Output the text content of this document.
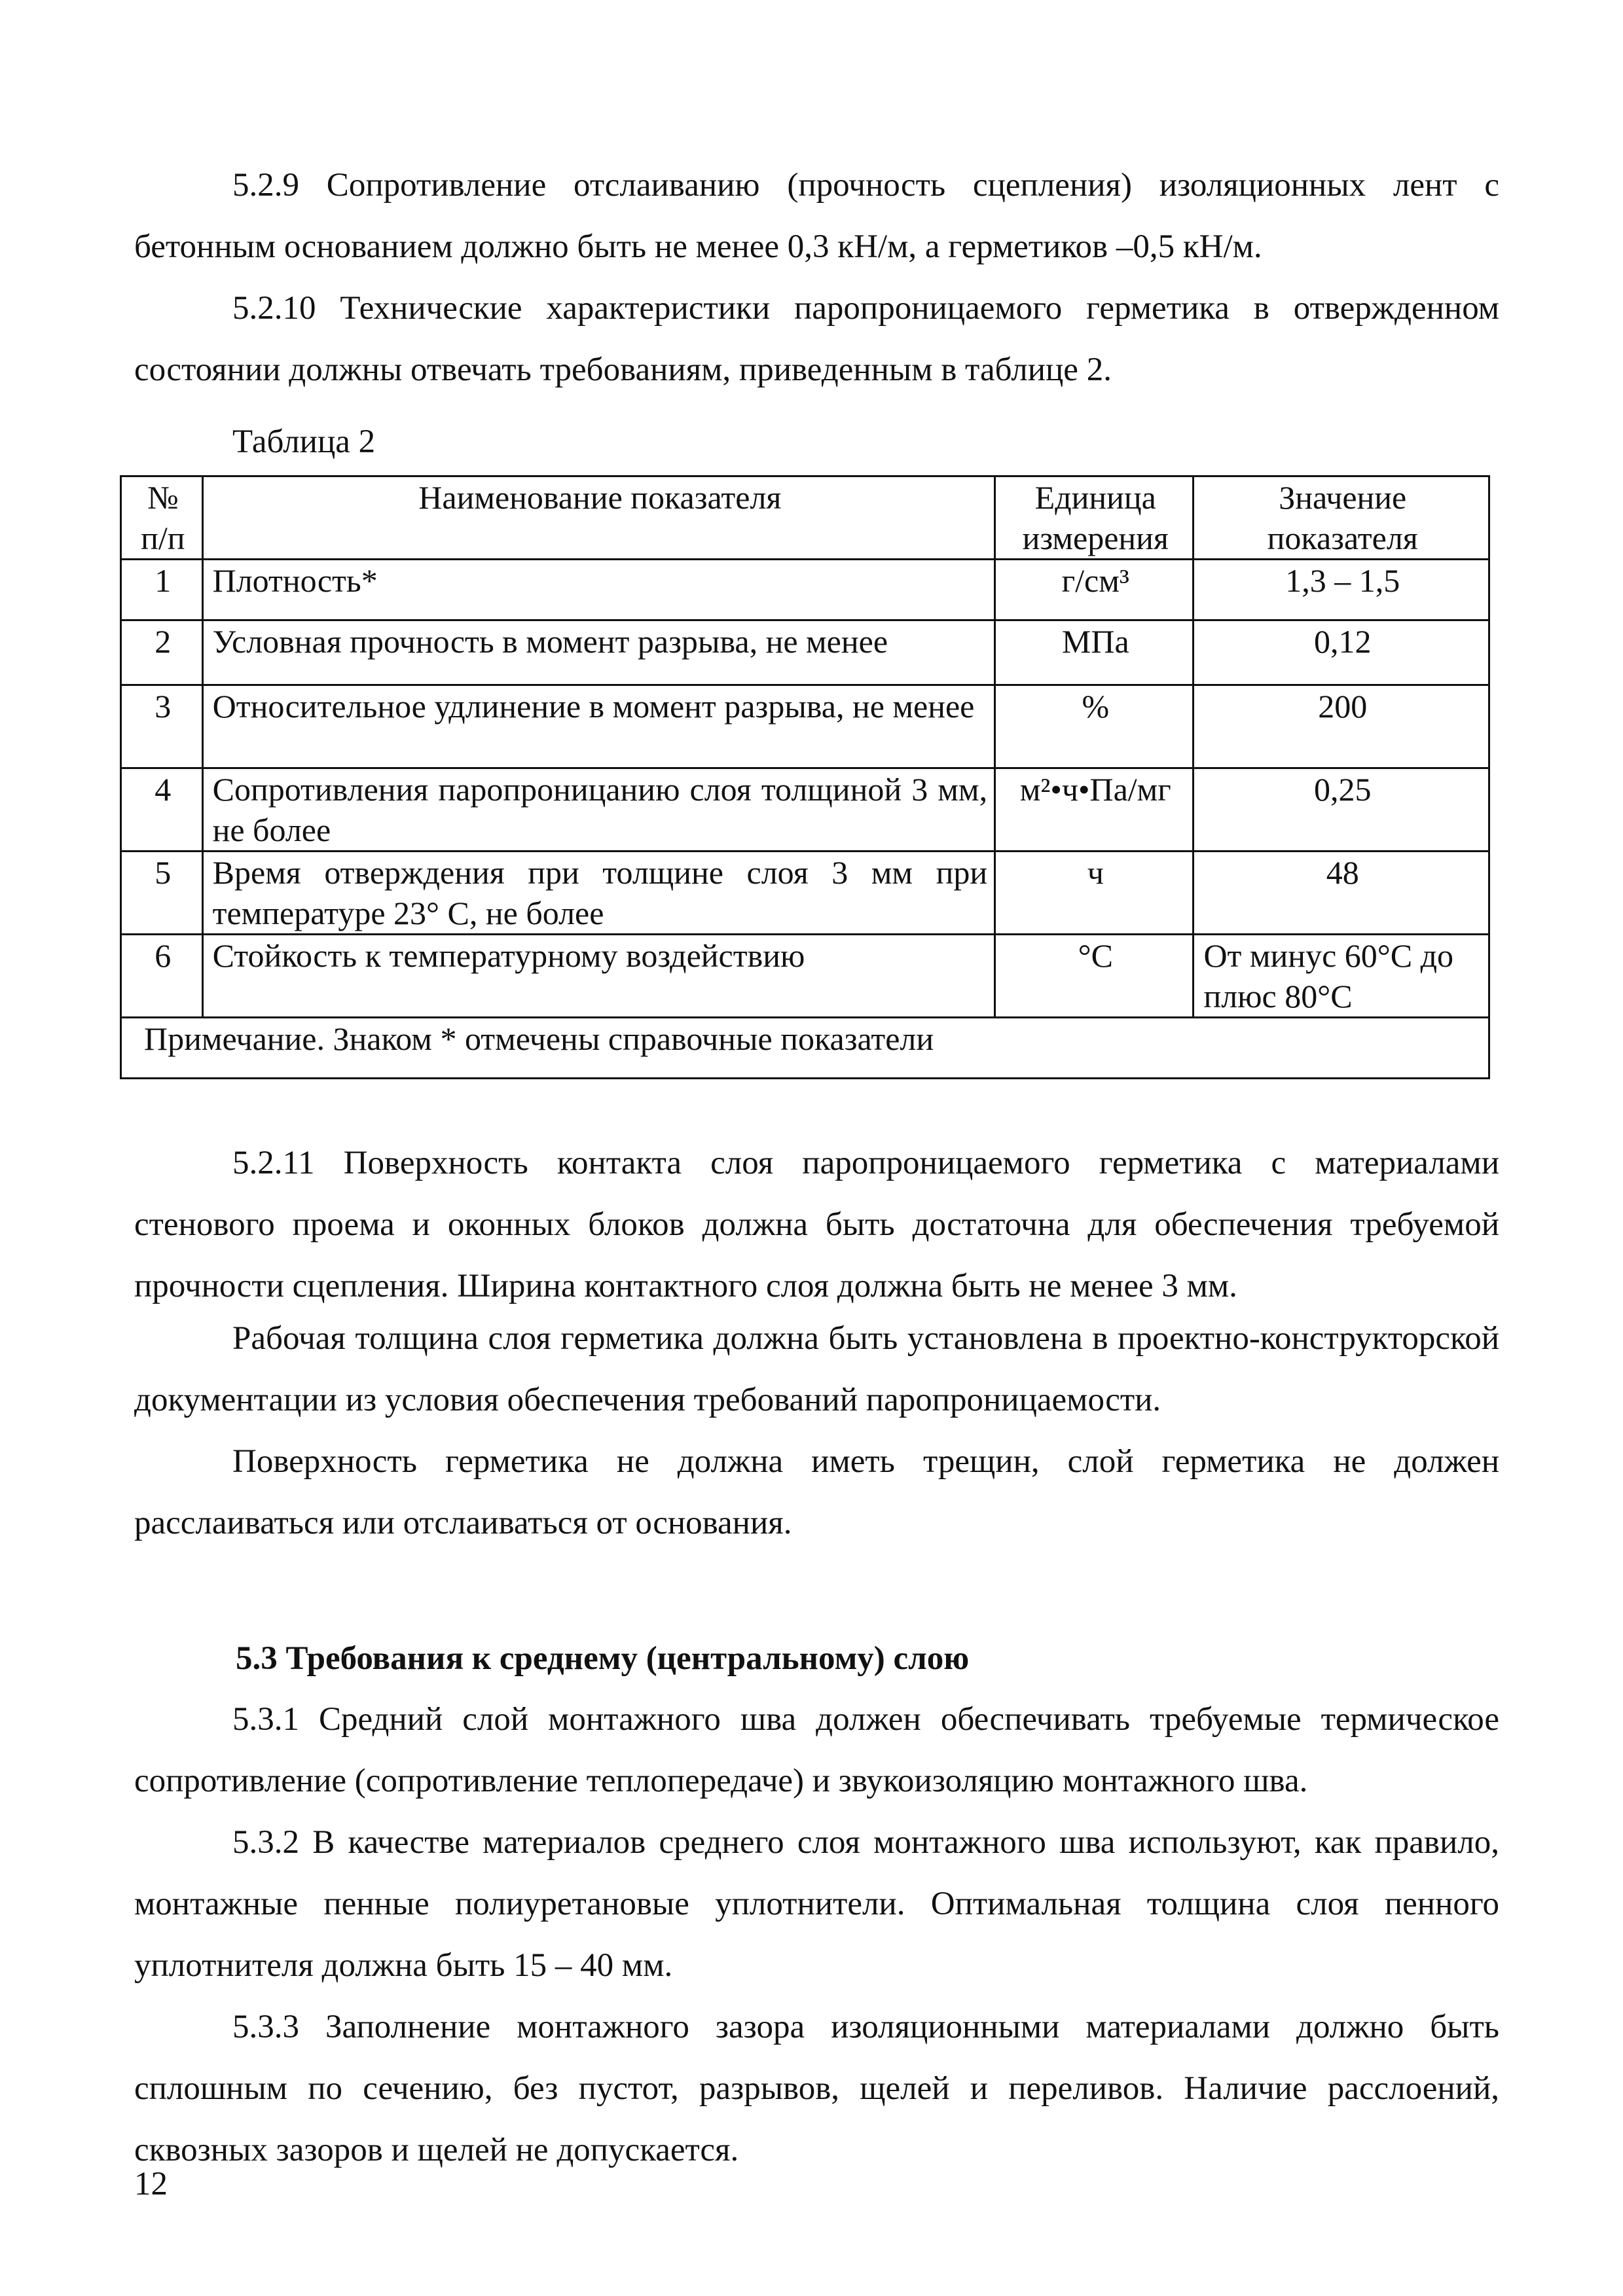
5.2.9 Сопротивление отслаиванию (прочность сцепления) изоляционных лент с бетонным основанием должно быть не менее 0,3 кН/м, а герметиков –0,5 кН/м.

5.2.10 Технические характеристики паропроницаемого герметика в отвержденном состоянии должны отвечать требованиям, приведенным в таблице 2.

Таблица 2

№ п/п	Наименование показателя	Единица измерения	Значение показателя
1	Плотность*	г/см³	1,3 – 1,5
2	Условная прочность в момент разрыва, не менее	МПа	0,12
3	Относительное удлинение в момент разрыва, не менее	%	200
4	Сопротивления паропроницанию слоя толщиной 3 мм, не более	м²•ч•Па/мг	0,25
5	Время отверждения при толщине слоя 3 мм при температуре 23° С, не более	ч	48
6	Стойкость к температурному воздействию	°С	От минус 60°С до плюс 80°С
Примечание. Знаком * отмечены справочные показатели			

5.2.11 Поверхность контакта слоя паропроницаемого герметика с материалами стенового проема и оконных блоков должна быть достаточна для обеспечения требуемой прочности сцепления. Ширина контактного слоя должна быть не менее 3 мм.

Рабочая толщина слоя герметика должна быть установлена в проектно-конструкторской документации из условия обеспечения требований паропроницаемости.

Поверхность герметика не должна иметь трещин, слой герметика не должен расслаиваться или отслаиваться от основания.

5.3 Требования к среднему (центральному) слою

5.3.1 Средний слой монтажного шва должен обеспечивать требуемые термическое сопротивление (сопротивление теплопередаче) и звукоизоляцию монтажного шва.

5.3.2 В качестве материалов среднего слоя монтажного шва используют, как правило, монтажные пенные полиуретановые уплотнители. Оптимальная толщина слоя пенного уплотнителя должна быть 15 – 40 мм.

5.3.3 Заполнение монтажного зазора изоляционными материалами должно быть сплошным по сечению, без пустот, разрывов, щелей и переливов. Наличие расслоений, сквозных зазоров и щелей не допускается.

12
